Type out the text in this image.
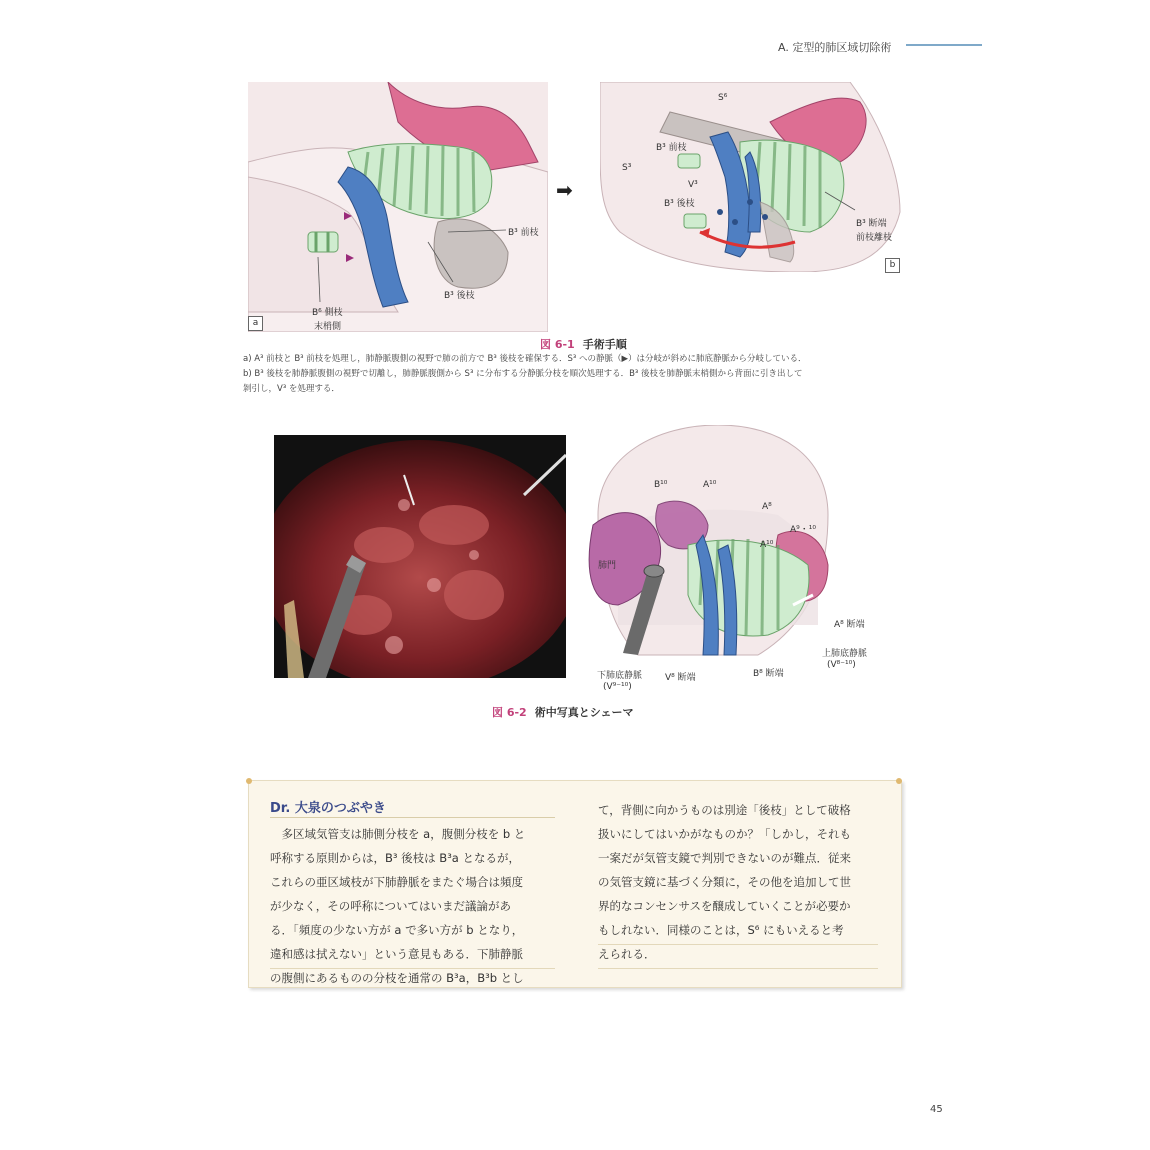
A. 定型的肺区域切除術
B³ 前枝
B³ 後枝
B⁶ 側枝
末梢側
a
➡
S⁶
S³
B³ 前枝
B³ 後枝
V³
B³ 断端
前枝離枝
b
図 6-1 手術手順
a) A³ 前枝と B³ 前枝を処理し，肺静脈腹側の視野で肺の前方で B³ 後枝を確保する．S³ への静脈（▶）は分岐が斜めに肺底静脈から分岐している．
b) B³ 後枝を肺静脈腹側の視野で切離し，肺静脈腹側から S³ に分布する分静脈分枝を順次処理する．B³ 後枝を肺静脈末梢側から背面に引き出して
剝引し，V³ を処理する．
B¹⁰	A¹⁰
A⁸
A⁹・¹⁰
A¹⁰
肺門
A⁸ 断端
上肺底静脈
(V⁸⁻¹⁰)
下肺底静脈
(V⁹⁻¹⁰)
V⁸ 断端	B⁸ 断端
図 6-2 術中写真とシェーマ
Dr. 大泉のつぶやき
　多区域気管支は肺側分枝を a，腹側分枝を b と
呼称する原則からは，B³ 後枝は B³a となるが，
これらの亜区域枝が下肺静脈をまたぐ場合は頻度
が少なく，その呼称についてはいまだ議論があ
る．「頻度の少ない方が a で多い方が b となり，
違和感は拭えない」という意見もある．下肺静脈
の腹側にあるものの分枝を通常の B³a，B³b とし
て，背側に向かうものは別途「後枝」として破格
扱いにしてはいかがなものか？「しかし，それも
一案だが気管支鏡で判別できないのが難点．従来
の気管支鏡に基づく分類に，その他を追加して世
界的なコンセンサスを醸成していくことが必要か
もしれない．同様のことは，S⁶ にもいえると考
えられる．
45
